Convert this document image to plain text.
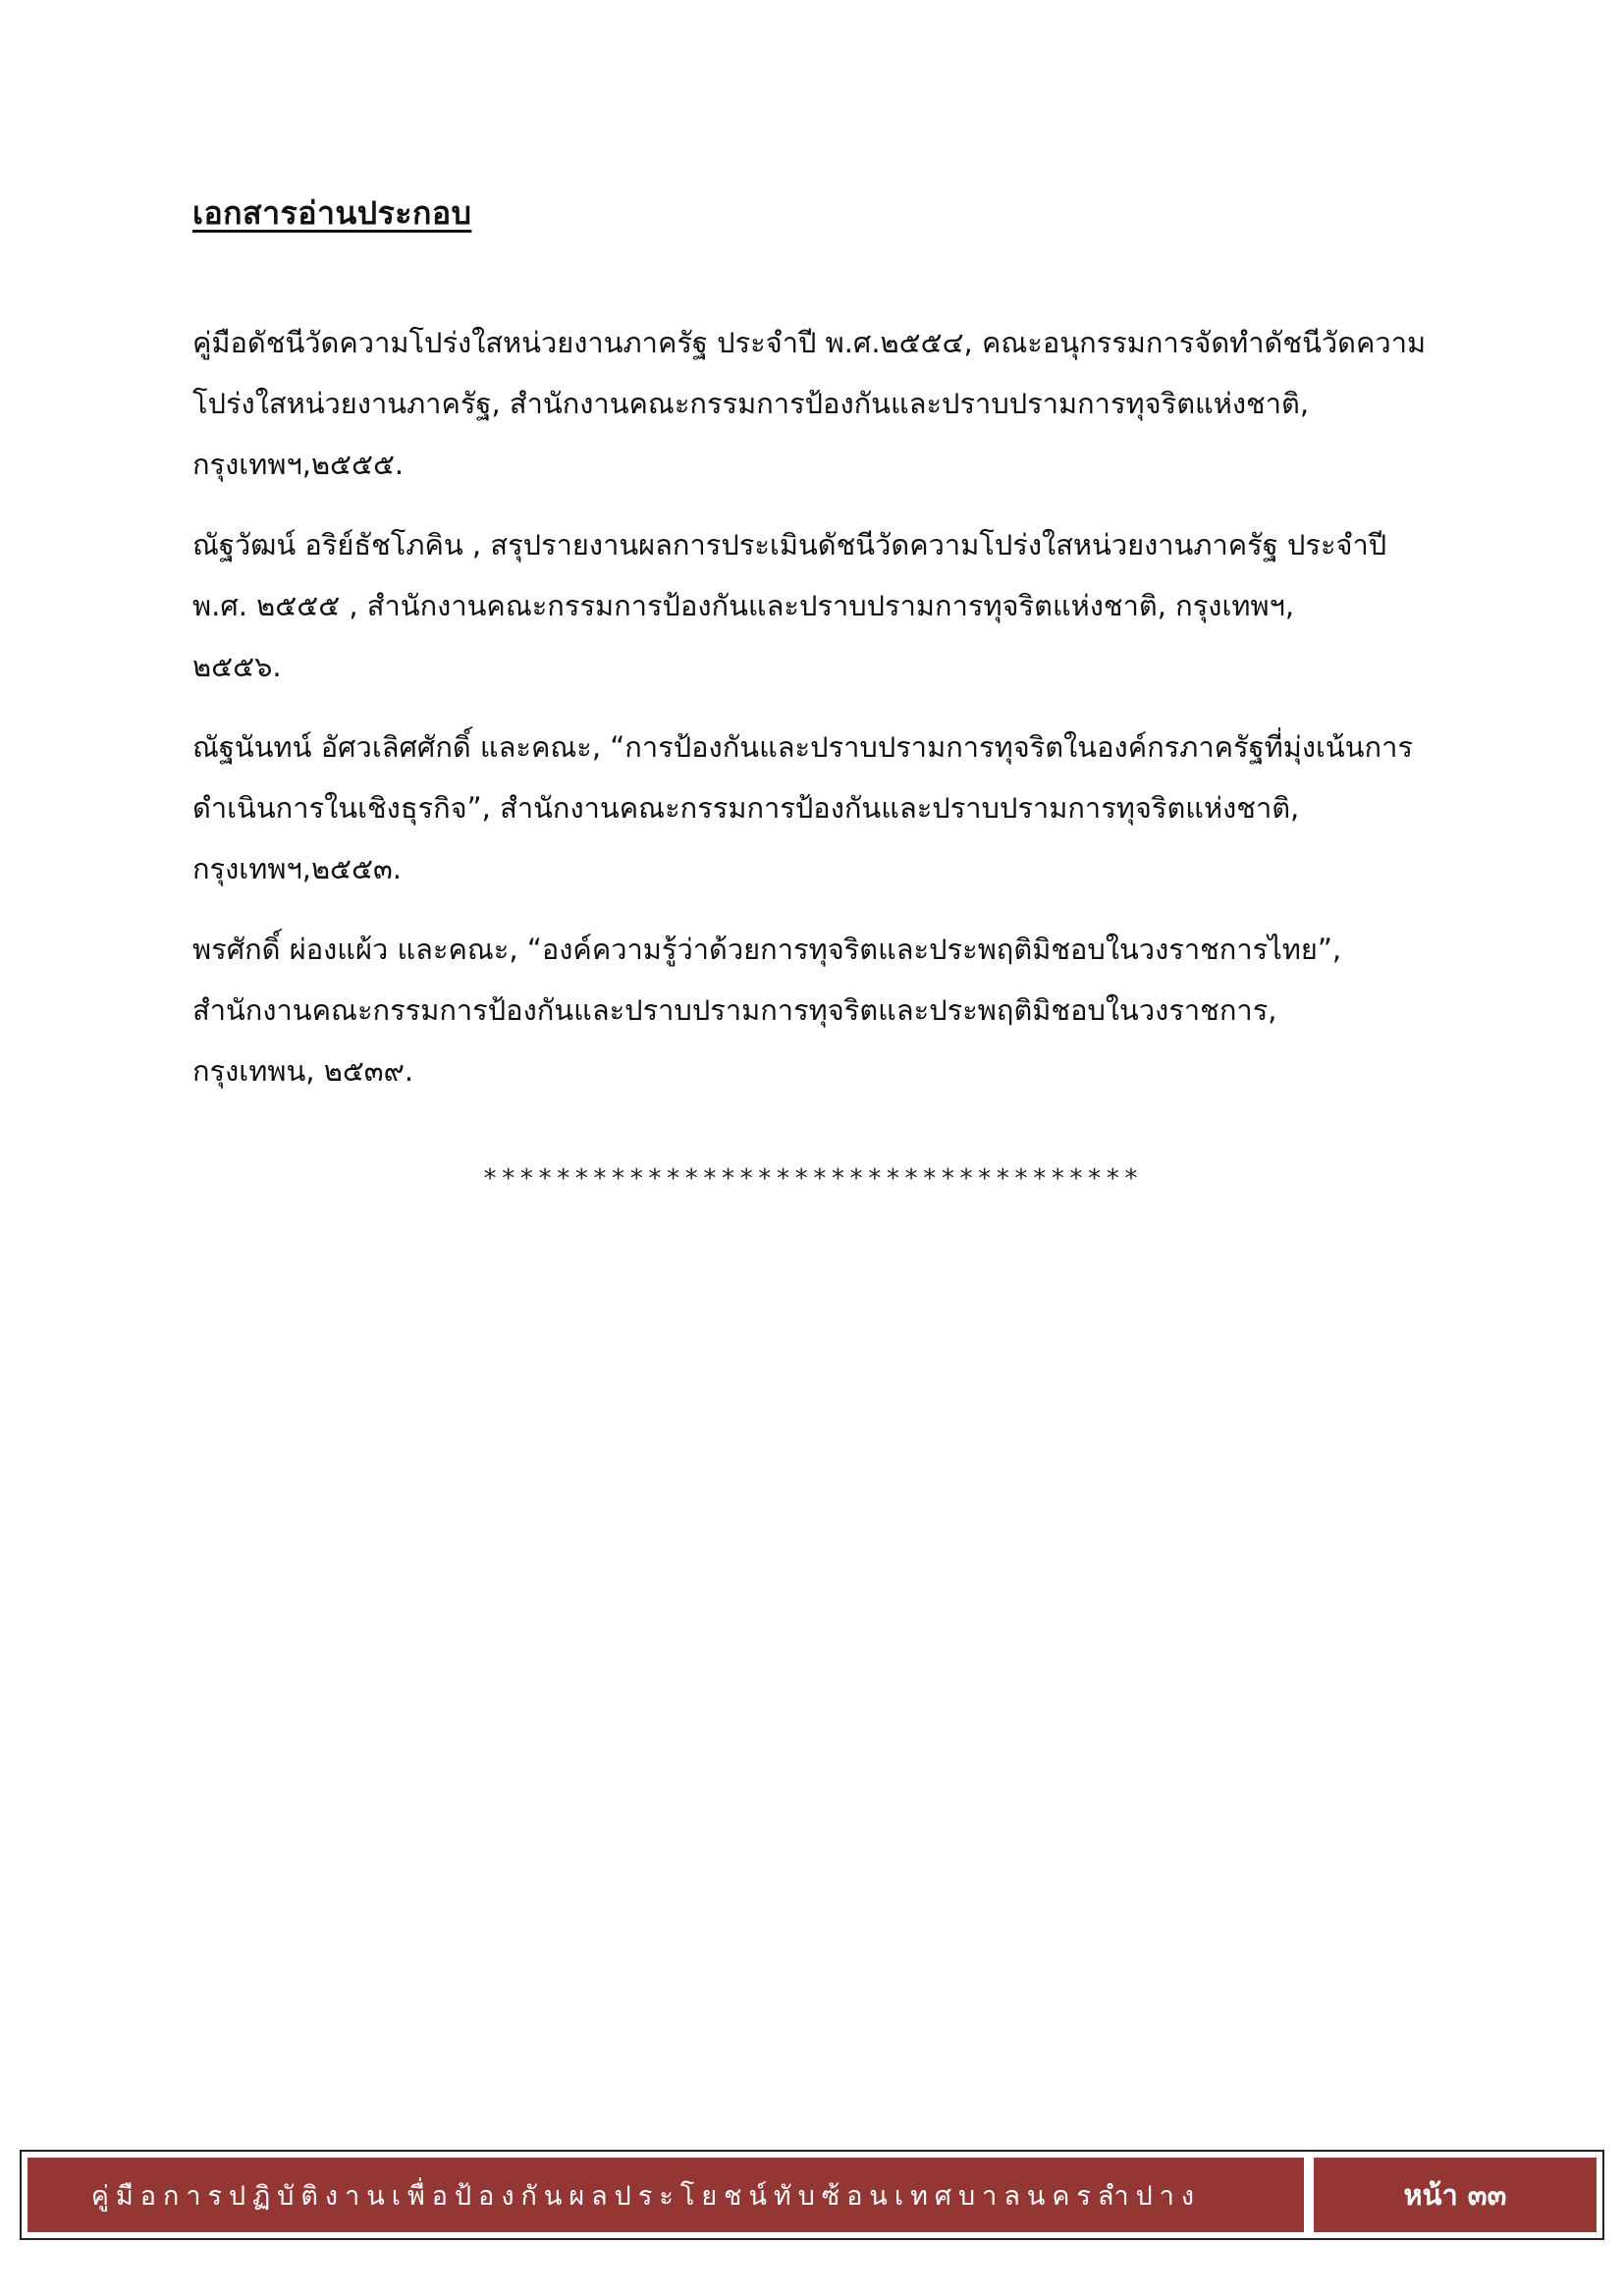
เอกสารอ่านประกอบ
คู่มือดัชนีวัดความโปร่งใสหน่วยงานภาครัฐ ประจำปี พ.ศ.๒๕๕๔, คณะอนุกรรมการจัดทำดัชนีวัดความ
โปร่งใสหน่วยงานภาครัฐ, สำนักงานคณะกรรมการป้องกันและปราบปรามการทุจริตแห่งชาติ,
กรุงเทพฯ,๒๕๕๕.
ณัฐวัฒน์ อริย์ธัชโภคิน , สรุปรายงานผลการประเมินดัชนีวัดความโปร่งใสหน่วยงานภาครัฐ ประจำปี
พ.ศ. ๒๕๕๕ , สำนักงานคณะกรรมการป้องกันและปราบปรามการทุจริตแห่งชาติ, กรุงเทพฯ,
๒๕๕๖.
ณัฐนันทน์ อัศวเลิศศักดิ์ และคณะ, “การป้องกันและปราบปรามการทุจริตในองค์กรภาครัฐที่มุ่งเน้นการ
ดำเนินการในเชิงธุรกิจ”, สำนักงานคณะกรรมการป้องกันและปราบปรามการทุจริตแห่งชาติ,
กรุงเทพฯ,๒๕๕๓.
พรศักดิ์ ผ่องแผ้ว และคณะ, “องค์ความรู้ว่าด้วยการทุจริตและประพฤติมิชอบในวงราชการไทย”,
สำนักงานคณะกรรมการป้องกันและปราบปรามการทุจริตและประพฤติมิชอบในวงราชการ,
กรุงเทพน, ๒๕๓๙.
************************************
คู่มือการปฏิบัติงานเพื่อป้องกันผลประโยชน์ทับซ้อนเทศบาลนครลำปาง	หน้า ๓๓
